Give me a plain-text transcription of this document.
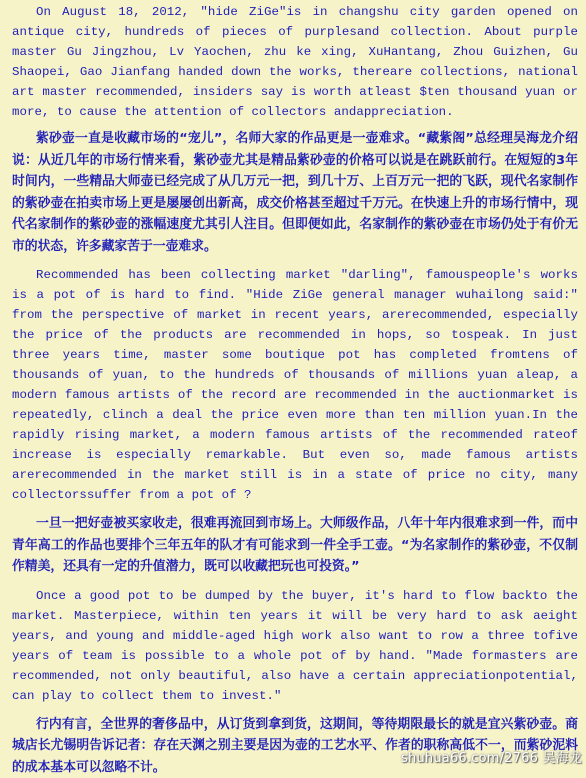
On August 18, 2012, "hide ZiGe"is in changshu city garden opened on antique city, hundreds of pieces of purplesand collection. About purple master Gu Jingzhou, Lv Yaochen, zhu ke xing, XuHantang, Zhou Guizhen, Gu Shaopei, Gao Jianfang handed down the works, thereare collections, national art master recommended, insiders say is worth atleast $ten thousand yuan or more, to cause the attention of collectors andappreciation.

紫砂壶一直是收藏市场的“宠儿”，名师大家的作品更是一壶难求。“藏紫阁”总经理吴海龙介绍说：从近几年的市场行情来看，紫砂壶尤其是精品紫砂壶的价格可以说是在跳跃前行。在短短的3年时间内，一些精品大师壶已经完成了从几万元一把，到几十万、上百万元一把的飞跃，现代名家制作的紫砂壶在拍卖市场上更是屡屡创出新高，成交价格甚至超过千万元。在快速上升的市场行情中，现代名家制作的紫砂壶的涨幅速度尤其引人注目。但即便如此，名家制作的紫砂壶在市场仍处于有价无市的状态，许多藏家苦于一壶难求。

Recommended has been collecting market "darling", famouspeople's works is a pot of is hard to find. "Hide ZiGe general manager wuhailong said:" from the perspective of market in recent years, arerecommended, especially the price of the products are recommended in hops, so tospeak. In just three years time, master some boutique pot has completed fromtens of thousands of yuan, to the hundreds of thousands of millions yuan aleap, a modern famous artists of the record are recommended in the auctionmarket is repeatedly, clinch a deal the price even more than ten million yuan.In the rapidly rising market, a modern famous artists of the recommended rateof increase is especially remarkable. But even so, made famous artists arerecommended in the market still is in a state of price no city, many collectorssuffer from a pot of ?

一旦一把好壶被买家收走，很难再流回到市场上。大师级作品，八年十年内很难求到一件，而中青年高工的作品也要排个三年五年的队才有可能求到一件全手工壶。“为名家制作的紫砂壶，不仅制作精美，还具有一定的升值潜力，既可以收藏把玩也可投资。”

Once a good pot to be dumped by the buyer, it's hard to flow backto the market. Masterpiece, within ten years it will be very hard to ask aeight years, and young and middle-aged high work also want to row a three tofive years of team is possible to a whole pot of by hand. "Made formasters are recommended, not only beautiful, also have a certain appreciationpotential, can play to collect them to invest."

行内有言，全世界的奢侈品中，从订货到拿到货，这期间，等待期限最长的就是宜兴紫砂壶。商城店长尤锡明告诉记者：存在天渊之别主要是因为壶的工艺水平、作者的职称高低不一，而紫砂泥料的成本基本可以忽略不计。

shuhua66.com/2766 吴海龙
